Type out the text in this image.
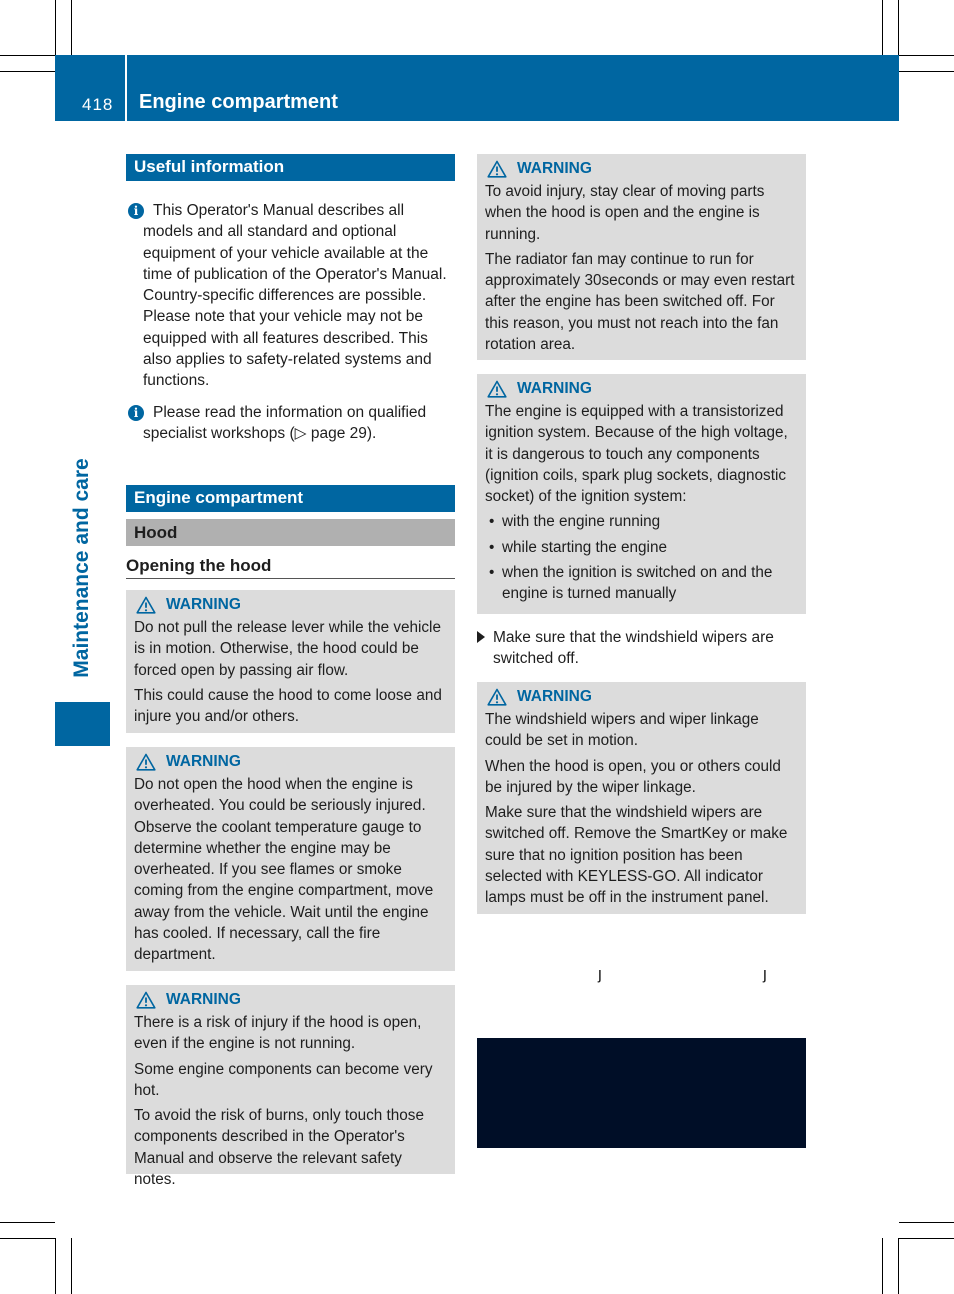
418 Engine compartment
Maintenance and care
Useful information
i This Operator's Manual describes all models and all standard and optional equipment of your vehicle available at the time of publication of the Operator's Manual. Country-specific differences are possible. Please note that your vehicle may not be equipped with all features described. This also applies to safety-related systems and functions.
i Please read the information on qualified specialist workshops (▷ page 29).
Engine compartment
Hood
Opening the hood
WARNING

Do not pull the release lever while the vehicle is in motion. Otherwise, the hood could be forced open by passing air flow.

This could cause the hood to come loose and injure you and/or others.

WARNING

Do not open the hood when the engine is overheated. You could be seriously injured. Observe the coolant temperature gauge to determine whether the engine may be overheated. If you see flames or smoke coming from the engine compartment, move away from the vehicle. Wait until the engine has cooled. If necessary, call the fire department.

WARNING

There is a risk of injury if the hood is open, even if the engine is not running.

Some engine components can become very hot.

To avoid the risk of burns, only touch those components described in the Operator's Manual and observe the relevant safety notes.

WARNING

To avoid injury, stay clear of moving parts when the hood is open and the engine is running.

The radiator fan may continue to run for approximately 30seconds or may even restart after the engine has been switched off. For this reason, you must not reach into the fan rotation area.

WARNING

The engine is equipped with a transistorized ignition system. Because of the high voltage, it is dangerous to touch any components (ignition coils, spark plug sockets, diagnostic socket) of the ignition system:

• with the engine running
• while starting the engine
• when the ignition is switched on and the engine is turned manually
Make sure that the windshield wipers are switched off.
WARNING

The windshield wipers and wiper linkage could be set in motion.

When the hood is open, you or others could be injured by the wiper linkage.

Make sure that the windshield wipers are switched off. Remove the SmartKey or make sure that no ignition position has been selected with KEYLESS-GO. All indicator lamps must be off in the instrument panel.

ȷ	ȷ
